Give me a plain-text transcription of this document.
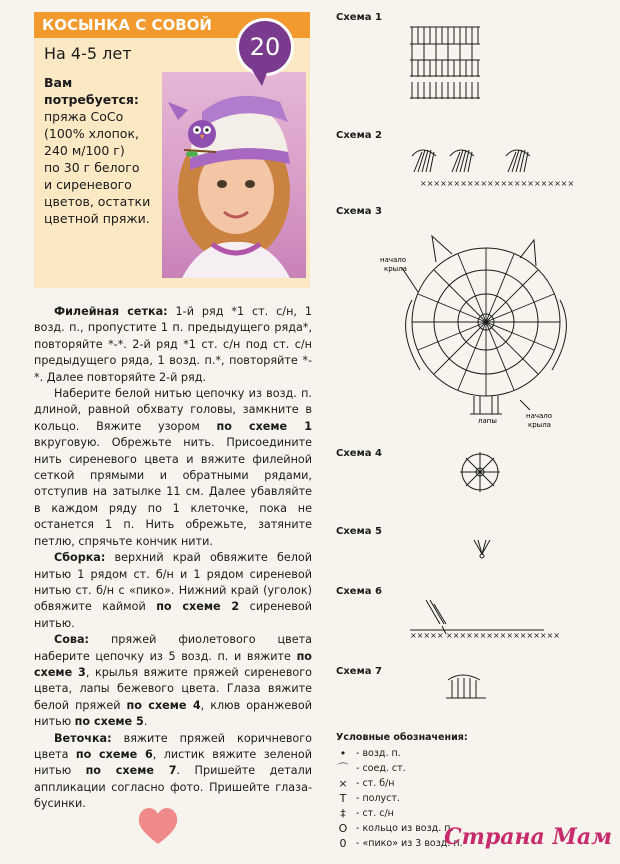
КОСЫНКА С СОВОЙ
На 4-5 лет
Вам потребуется:
пряжа CoCo
(100% хлопок,
240 м/100 г)
по 30 г белого
и сиреневого
цветов, остатки
цветной пряжи.
20

Филейная сетка: 1-й ряд *1 ст. с/н, 1 возд. п., пропустите 1 п. предыдущего ряда*, повторяйте *-*. 2-й ряд *1 ст. с/н под ст. с/н предыдущего ряда, 1 возд. п.*, повторяйте *-*. Далее повторяйте 2-й ряд.

Наберите белой нитью цепочку из возд. п. длиной, равной обхвату головы, замкните в кольцо. Вяжите узором по схеме 1 вкруговую. Обрежьте нить. Присоедините нить сиреневого цвета и вяжите филейной сеткой прямыми и обратными рядами, отступив на затылке 11 см. Далее убавляйте в каждом ряду по 1 клеточке, пока не останется 1 п. Нить обрежьте, затяните петлю, спрячьте кончик нити.

Сборка: верхний край обвяжите белой нитью 1 рядом ст. б/н и 1 рядом сиреневой нитью ст. б/н с «пико». Нижний край (уголок) обвяжите каймой по схеме 2 сиреневой нитью.

Сова: пряжей фиолетового цвета наберите цепочку из 5 возд. п. и вяжите по схеме 3, крылья вяжите пряжей сиреневого цвета, лапы бежевого цвета. Глаза вяжите белой пряжей по схеме 4, клюв оранжевой нитью по схеме 5.

Веточка: вяжите пряжей коричневого цвета по схеме 6, листик вяжите зеленой нитью по схеме 7. Пришейте детали аппликации согласно фото. Пришейте глаза-бусинки.

Схема 1
Схема 2
Схема 3
Схема 4
Схема 5
Схема 6
Схема 7
×××××××××××××××××××××××
начало
крыла
лапы
начало
крыла
××××× ×××××××××××××××××
Условные обозначения:
•	- возд. п.
⌒ - соед. ст.
× - ст. б/н
T	- полуст.
‡	- ст. с/н
O - кольцо из возд. п.
0	- «пико» из 3 возд. п.
Страна Мам
